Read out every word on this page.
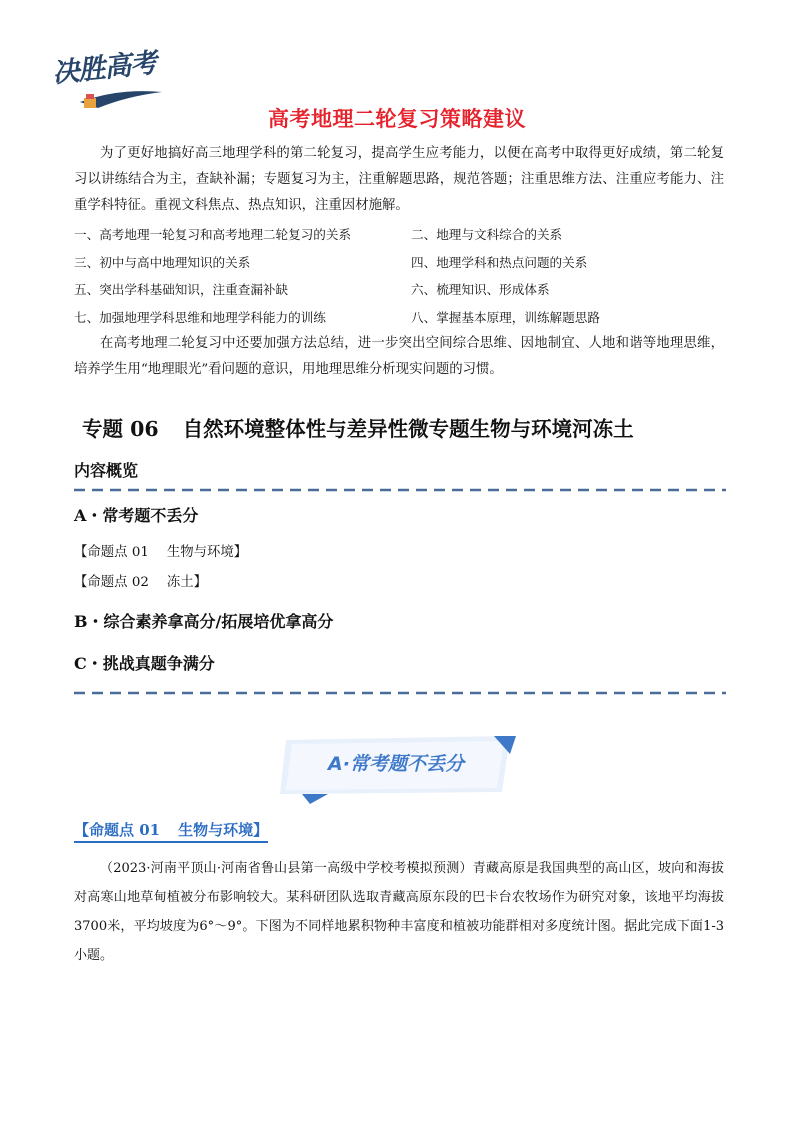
决胜高考
高考地理二轮复习策略建议
为了更好地搞好高三地理学科的第二轮复习，提高学生应考能力，以便在高考中取得更好成绩，第二轮复习以讲练结合为主，查缺补漏；专题复习为主，注重解题思路，规范答题；注重思维方法、注重应考能力、注重学科特征。重视文科焦点、热点知识，注重因材施解。
一、高考地理一轮复习和高考地理二轮复习的关系	二、地理与文科综合的关系
三、初中与高中地理知识的关系	四、地理学科和热点问题的关系
五、突出学科基础知识，注重查漏补缺	六、梳理知识、形成体系
七、加强地理学科思维和地理学科能力的训练	八、掌握基本原理，训练解题思路
在高考地理二轮复习中还要加强方法总结，进一步突出空间综合思维、因地制宜、人地和谐等地理思维，培养学生用“地理眼光”看问题的意识，用地理思维分析现实问题的习惯。
专题 06 自然环境整体性与差异性微专题生物与环境河冻土
内容概览
A・常考题不丢分
【命题点 01 生物与环境】
【命题点 02 冻土】
B・综合素养拿高分/拓展培优拿高分
C・挑战真题争满分
A·常考题不丢分
【命题点 01 生物与环境】
（2023·河南平顶山·河南省鲁山县第一高级中学校考模拟预测）青藏高原是我国典型的高山区，坡向和海拔对高寒山地草甸植被分布影响较大。某科研团队选取青藏高原东段的巴卡台农牧场作为研究对象，该地平均海拔3700米，平均坡度为6°～9°。下图为不同样地累积物种丰富度和植被功能群相对多度统计图。据此完成下面1-3小题。
